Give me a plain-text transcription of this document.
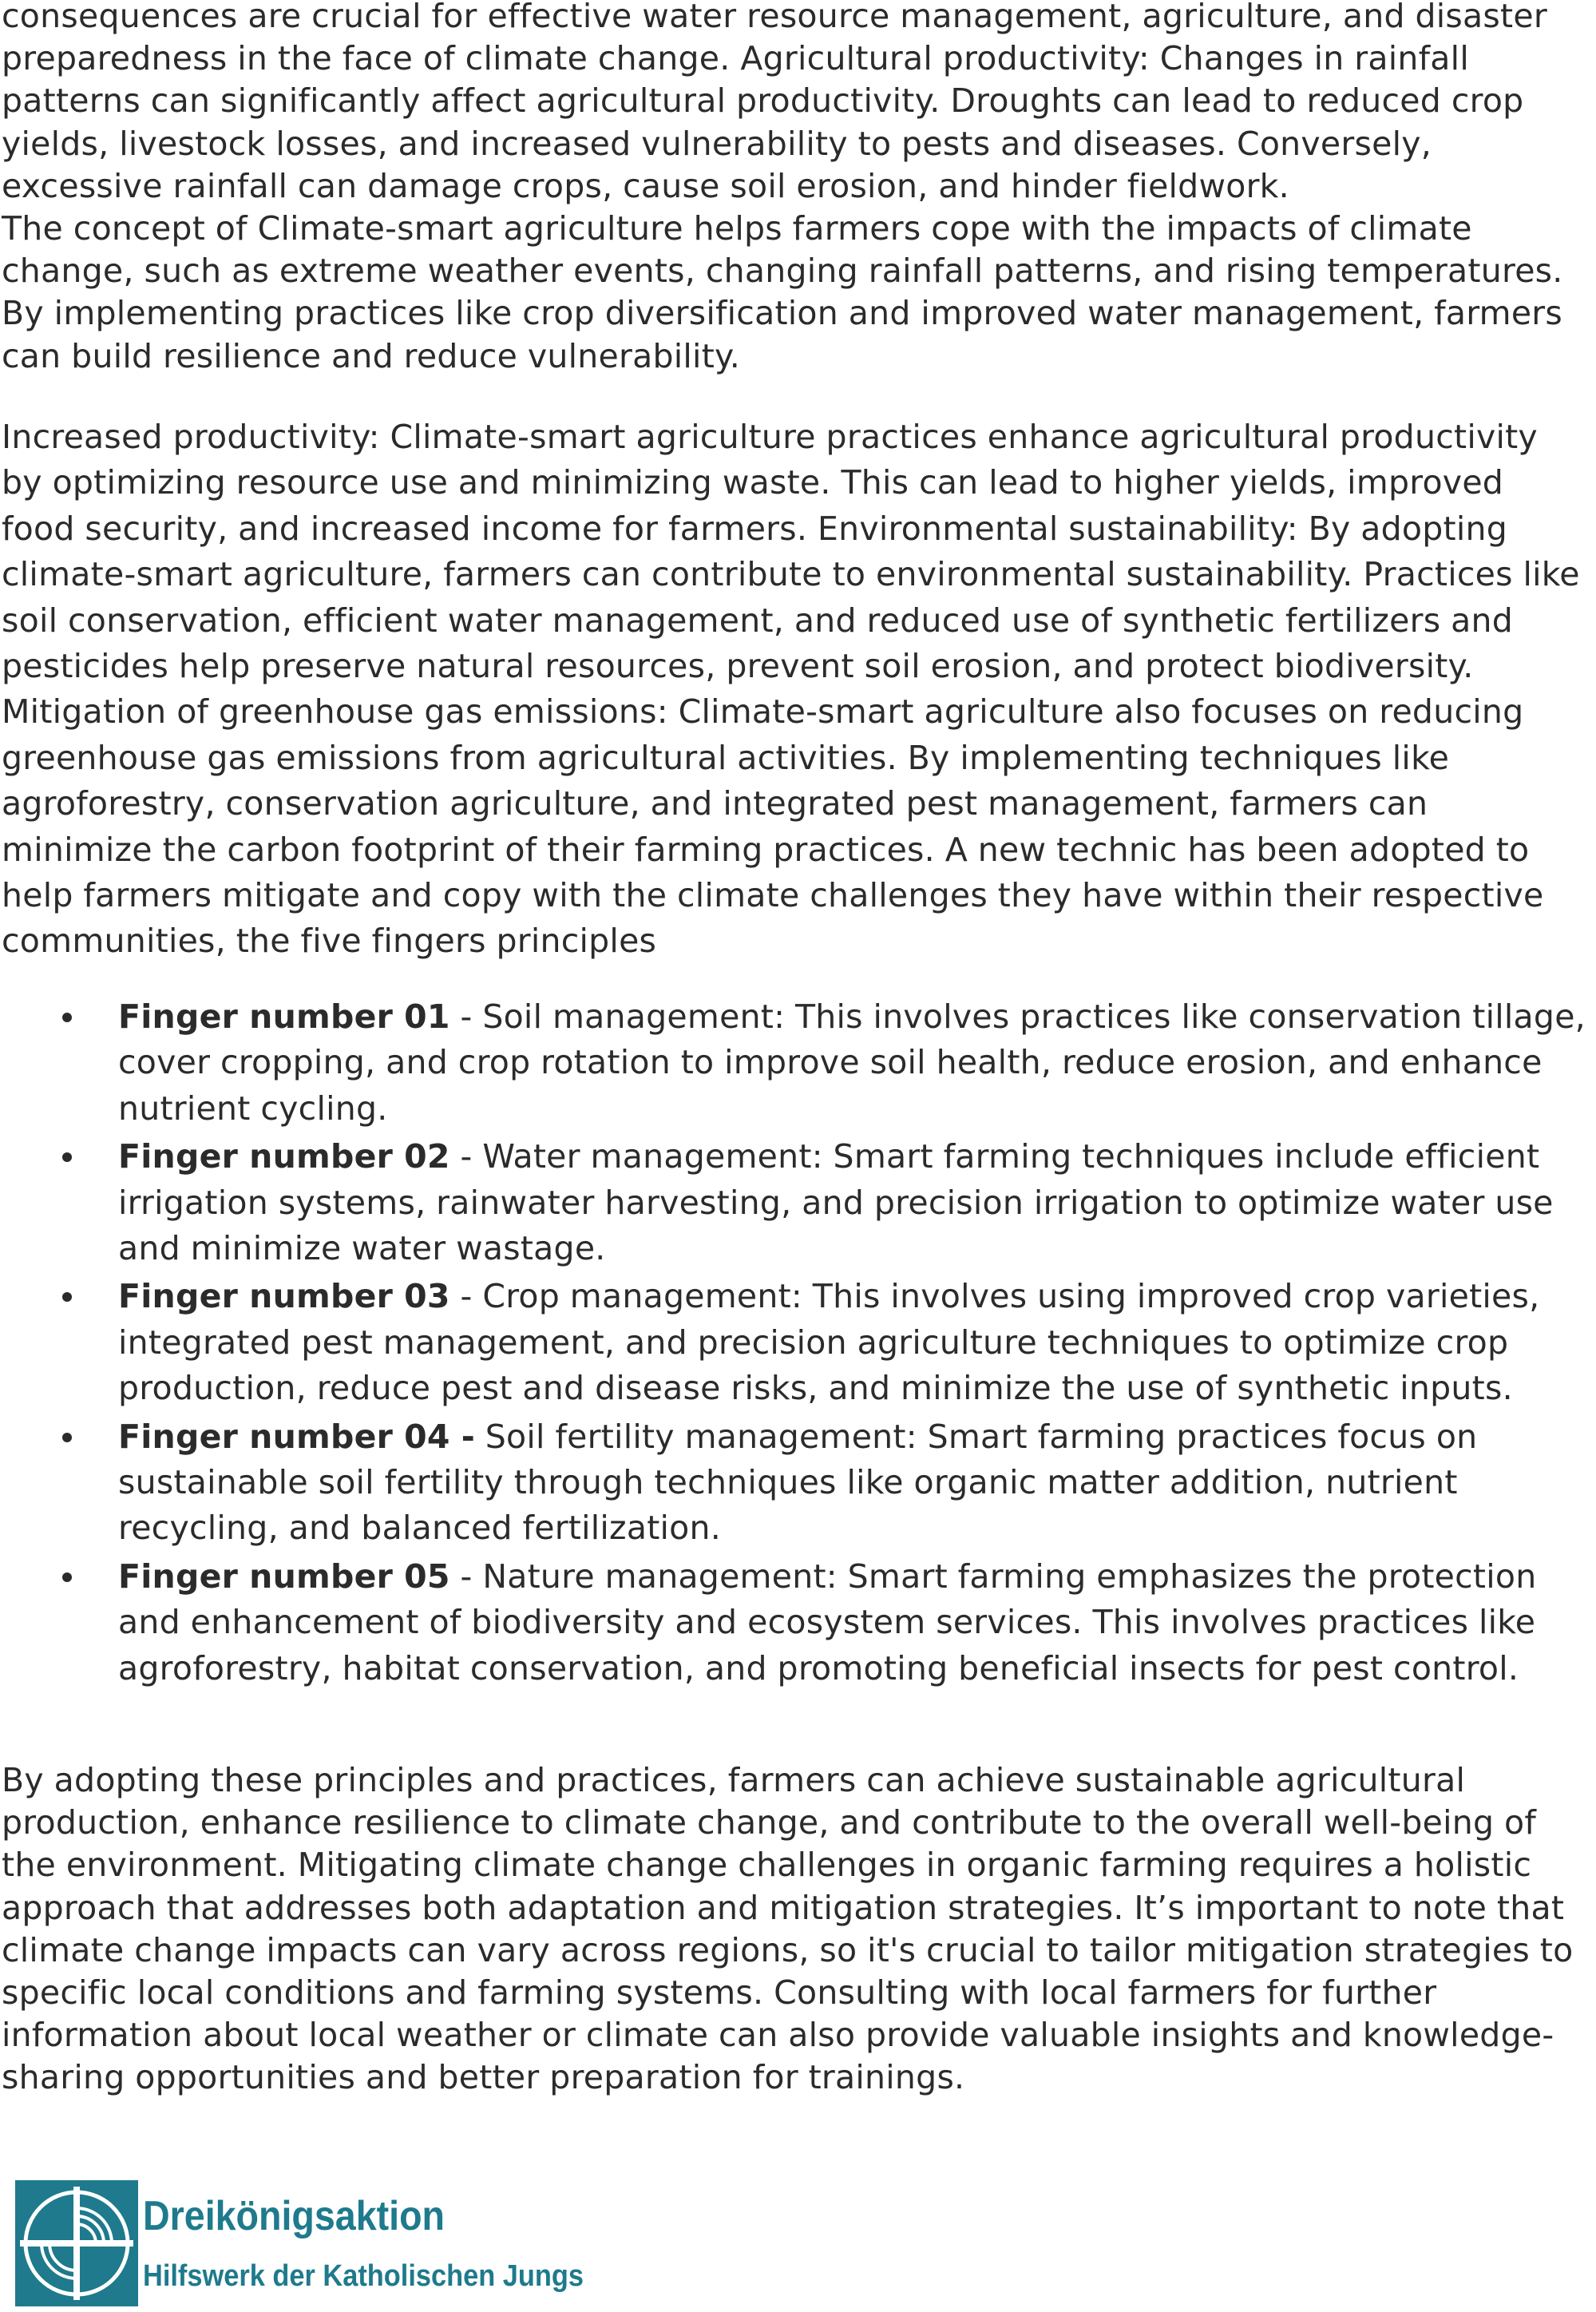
consequences are crucial for effective water resource management, agriculture, and disaster preparedness in the face of climate change. Agricultural productivity: Changes in rainfall patterns can significantly affect agricultural productivity. Droughts can lead to reduced crop yields, livestock losses, and increased vulnerability to pests and diseases. Conversely, excessive rainfall can damage crops, cause soil erosion, and hinder fieldwork.
The concept of Climate-smart agriculture helps farmers cope with the impacts of climate change, such as extreme weather events, changing rainfall patterns, and rising temperatures. By implementing practices like crop diversification and improved water management, farmers can build resilience and reduce vulnerability.

Increased productivity: Climate-smart agriculture practices enhance agricultural productivity by optimizing resource use and minimizing waste. This can lead to higher yields, improved food security, and increased income for farmers. Environmental sustainability: By adopting climate-smart agriculture, farmers can contribute to environmental sustainability. Practices like soil conservation, efficient water management, and reduced use of synthetic fertilizers and pesticides help preserve natural resources, prevent soil erosion, and protect biodiversity. Mitigation of greenhouse gas emissions: Climate-smart agriculture also focuses on reducing greenhouse gas emissions from agricultural activities. By implementing techniques like agroforestry, conservation agriculture, and integrated pest management, farmers can minimize the carbon footprint of their farming practices. A new technic has been adopted to help farmers mitigate and copy with the climate challenges they have within their respective communities, the five fingers principles

Finger number 01 - Soil management: This involves practices like conservation tillage, cover cropping, and crop rotation to improve soil health, reduce erosion, and enhance nutrient cycling.
Finger number 02 - Water management: Smart farming techniques include efficient irrigation systems, rainwater harvesting, and precision irrigation to optimize water use and minimize water wastage.
Finger number 03 - Crop management: This involves using improved crop varieties, integrated pest management, and precision agriculture techniques to optimize crop production, reduce pest and disease risks, and minimize the use of synthetic inputs.
Finger number 04 - Soil fertility management: Smart farming practices focus on sustainable soil fertility through techniques like organic matter addition, nutrient recycling, and balanced fertilization.
Finger number 05 - Nature management: Smart farming emphasizes the protection and enhancement of biodiversity and ecosystem services. This involves practices like agroforestry, habitat conservation, and promoting beneficial insects for pest control.

By adopting these principles and practices, farmers can achieve sustainable agricultural production, enhance resilience to climate change, and contribute to the overall well-being of the environment. Mitigating climate change challenges in organic farming requires a holistic approach that addresses both adaptation and mitigation strategies. It’s important to note that climate change impacts can vary across regions, so it's crucial to tailor mitigation strategies to specific local conditions and farming systems. Consulting with local farmers for further information about local weather or climate can also provide valuable insights and knowledge-sharing opportunities and better preparation for trainings.

Dreikönigsaktion
Hilfswerk der Katholischen Jungs
